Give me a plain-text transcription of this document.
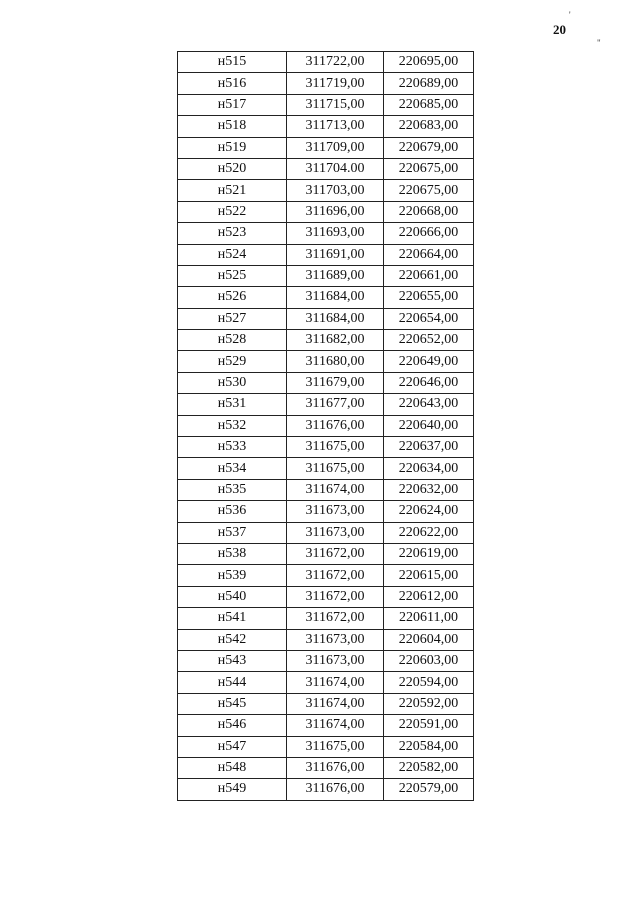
20
'
"
н515	311722,00	220695,00
н516	311719,00	220689,00
н517	311715,00	220685,00
н518	311713,00	220683,00
н519	311709,00	220679,00
н520	311704.00	220675,00
н521	311703,00	220675,00
н522	311696,00	220668,00
н523	311693,00	220666,00
н524	311691,00	220664,00
н525	311689,00	220661,00
н526	311684,00	220655,00
н527	311684,00	220654,00
н528	311682,00	220652,00
н529	311680,00	220649,00
н530	311679,00	220646,00
н531	311677,00	220643,00
н532	311676,00	220640,00
н533	311675,00	220637,00
н534	311675,00	220634,00
н535	311674,00	220632,00
н536	311673,00	220624,00
н537	311673,00	220622,00
н538	311672,00	220619,00
н539	311672,00	220615,00
н540	311672,00	220612,00
н541	311672,00	220611,00
н542	311673,00	220604,00
н543	311673,00	220603,00
н544	311674,00	220594,00
н545	311674,00	220592,00
н546	311674,00	220591,00
н547	311675,00	220584,00
н548	311676,00	220582,00
н549	311676,00	220579,00
